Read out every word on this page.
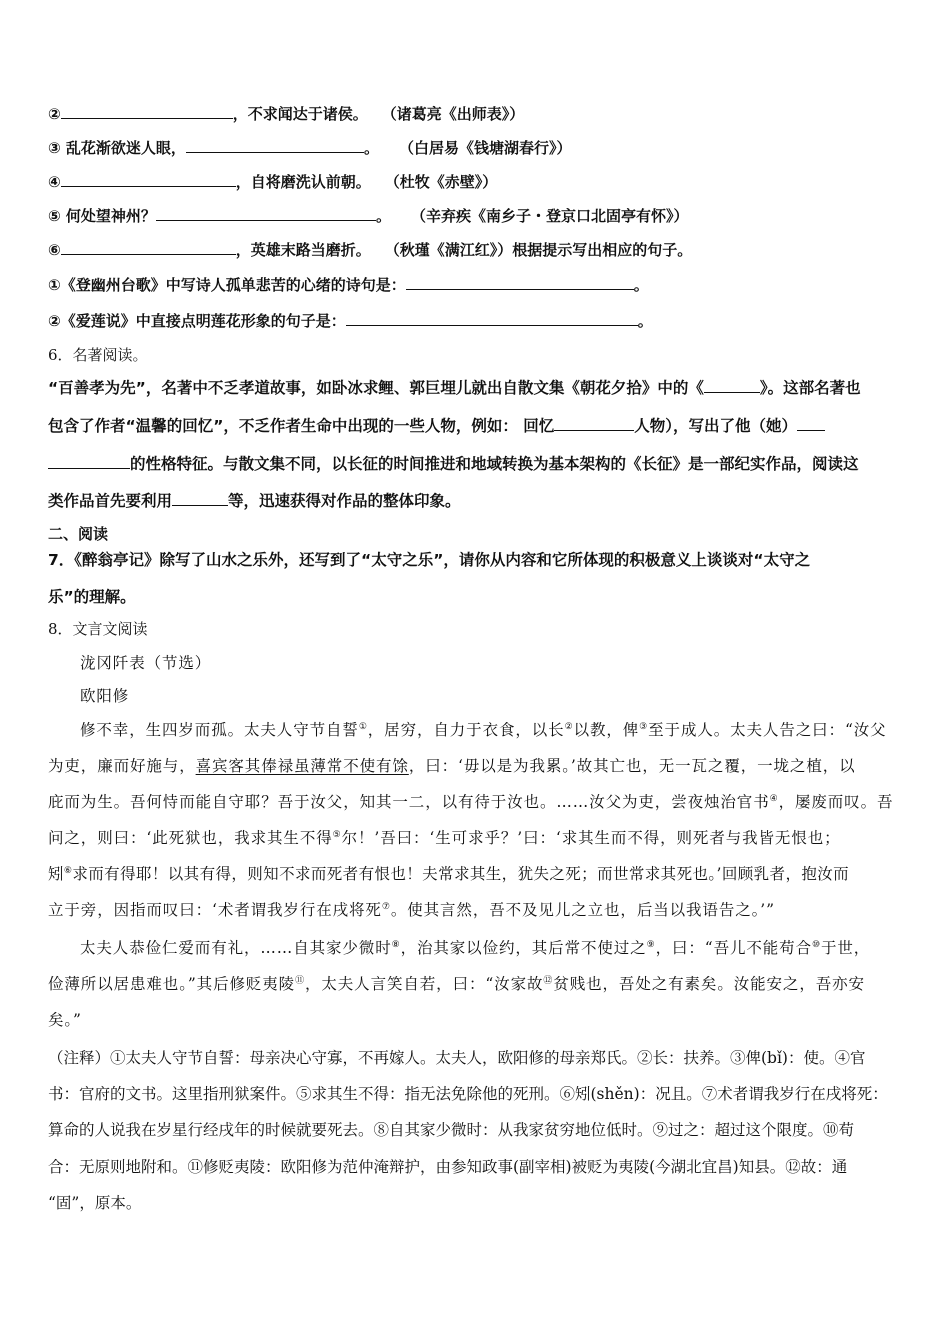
②	，不求闻达于诸侯。 （诸葛亮《出师表》）
③ 乱花渐欲迷人眼，	。 （白居易《钱塘湖春行》）
④	，自将磨洗认前朝。 （杜牧《赤壁》）
⑤ 何处望神州？	。 （辛弃疾《南乡子・登京口北固亭有怀》）
⑥	，英雄末路当磨折。 （秋瑾《满江红》）根据提示写出相应的句子。
①《登幽州台歌》中写诗人孤单悲苦的心绪的诗句是：	。
②《爱莲说》中直接点明莲花形象的句子是：	。
6．名著阅读。
“百善孝为先”，名著中不乏孝道故事，如卧冰求鲤、郭巨埋儿就出自散文集《朝花夕拾》中的《	》。这部名著也
包含了作者“温馨的回忆”，不乏作者生命中出现的一些人物，例如： 回忆	人物），写出了他（她）
的性格特征。与散文集不同，以长征的时间推进和地域转换为基本架构的《长征》是一部纪实作品，阅读这
类作品首先要利用	等，迅速获得对作品的整体印象。
二、阅读
7．《醉翁亭记》除写了山水之乐外，还写到了“太守之乐”，请你从内容和它所体现的积极意义上谈谈对“太守之
乐”的理解。
8．文言文阅读
泷冈阡表（节选）
欧阳修
修不幸，生四岁而孤。太夫人守节自誓①，居穷，自力于衣食，以长②以教，俾③至于成人。太夫人告之曰：“汝父
为吏，廉而好施与，喜宾客其俸禄虽薄常不使有馀，曰：‘毋以是为我累。’故其亡也，无一瓦之覆，一垅之植，以
庇而为生。吾何恃而能自守耶？吾于汝父，知其一二，以有待于汝也。……汝父为吏，尝夜烛治官书④，屡废而叹。吾
问之，则曰：‘此死狱也，我求其生不得⑤尔！’吾曰：‘生可求乎？’曰：‘求其生而不得，则死者与我皆无恨也；
矧⑥求而有得耶！以其有得，则知不求而死者有恨也！夫常求其生，犹失之死；而世常求其死也。’回顾乳者，抱汝而
立于旁，因指而叹曰：‘术者谓我岁行在戌将死⑦。使其言然，吾不及见儿之立也，后当以我语告之。’”
太夫人恭俭仁爱而有礼，……自其家少微时⑧，治其家以俭约，其后常不使过之⑨，曰：“吾儿不能苟合⑩于世，
俭薄所以居患难也。”其后修贬夷陵⑪，太夫人言笑自若，曰：“汝家故⑫贫贱也，吾处之有素矣。汝能安之，吾亦安
矣。”
（注释）①太夫人守节自誓：母亲决心守寡，不再嫁人。太夫人，欧阳修的母亲郑氏。②长：扶养。③俾(bǐ)：使。④官
书：官府的文书。这里指刑狱案件。⑤求其生不得：指无法免除他的死刑。⑥矧(shěn)：况且。⑦术者谓我岁行在戌将死：
算命的人说我在岁星行经戌年的时候就要死去。⑧自其家少微时：从我家贫穷地位低时。⑨过之：超过这个限度。⑩苟
合：无原则地附和。⑪修贬夷陵：欧阳修为范仲淹辩护，由参知政事(副宰相)被贬为夷陵(今湖北宜昌)知县。⑫故：通
“固”，原本。
